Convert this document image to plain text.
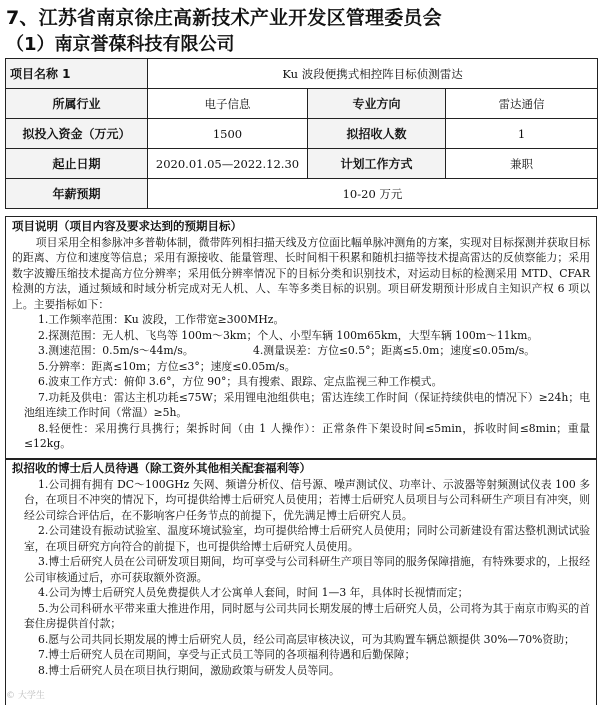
7、江苏省南京徐庄高新技术产业开发区管理委员会
（1）南京誉葆科技有限公司
项目名称 1	Ku 波段便携式相控阵目标侦测雷达
所属行业	电子信息	专业方向	雷达通信
拟投入资金（万元）	1500	拟招收人数	1
起止日期	2020.01.05—2022.12.30	计划工作方式	兼职
年薪预期	10-20 万元
项目说明（项目内容及要求达到的预期目标）

项目采用全相参脉冲多普勒体制，微带阵列相扫描天线及方位面比幅单脉冲测角的方案，实现对目标探测并获取目标的距离、方位和速度等信息；采用有源接收、能量管理、长时间相干积累和随机扫描等技术提高雷达的反侦察能力；采用数字波瓣压缩技术提高方位分辨率；采用低分辨率情况下的目标分类和识别技术，对运动目标的检测采用 MTD、CFAR 检测的方法，通过频域和时域分析完成对无人机、人、车等多类目标的识别。项目研发期预计形成自主知识产权 6 项以上。主要指标如下：

1.工作频率范围：Ku 波段，工作带宽≥300MHz。
2.探测范围：无人机、飞鸟等 100m～3km；个人、小型车辆 100m65km，大型车辆 100m～11km。
3.测速范围：0.5m/s～44m/s。　　　　　　4.测量误差：方位≤0.5°；距离≤5.0m；速度≤0.05m/s。
5.分辨率：距离≤10m；方位≤3°；速度≤0.05m/s。
6.波束工作方式：俯仰 3.6°，方位 90°；具有搜索、跟踪、定点监视三种工作模式。
7.功耗及供电：雷达主机功耗≤75W；采用锂电池组供电；雷达连续工作时间（保证持续供电的情况下）≥24h；电池组连续工作时间（常温）≥5h。
8.轻便性：采用携行具携行；架拆时间（由 1 人操作）：正常条件下架设时间≤5min，拆收时间≤8min；重量≤12kg。
拟招收的博士后人员待遇（除工资外其他相关配套福利等）
1.公司拥有拥有 DC～100GHz 矢网、频谱分析仪、信号源、噪声测试仪、功率计、示波器等射频测试仪表 100 多台，在项目不冲突的情况下，均可提供给博士后研究人员使用；若博士后研究人员项目与公司科研生产项目有冲突，则经公司综合评估后，在不影响客户任务节点的前提下，优先满足博士后研究人员。
2.公司建设有振动试验室、温度环境试验室，均可提供给博士后研究人员使用；同时公司新建设有雷达整机测试试验室，在项目研究方向符合的前提下，也可提供给博士后研究人员使用。
3.博士后研究人员在公司研发项目期间，均可享受与公司科研生产项目等同的服务保障措施，有特殊要求的，上报经公司审核通过后，亦可获取额外资源。
4.公司为博士后研究人员免费提供人才公寓单人套间，时间 1—3 年，具体时长视情而定；
5.为公司科研水平带来重大推进作用，同时愿与公司共同长期发展的博士后研究人员，公司将为其于南京市购买的首套住房提供首付款；
6.愿与公司共同长期发展的博士后研究人员，经公司高层审核决议，可为其购置车辆总额提供 30%—70%资助；
7.博士后研究人员在司期间，享受与正式员工等同的各项福利待遇和后勤保障；
8.博士后研究人员在项目执行期间，激励政策与研发人员等同。
© 大学生
